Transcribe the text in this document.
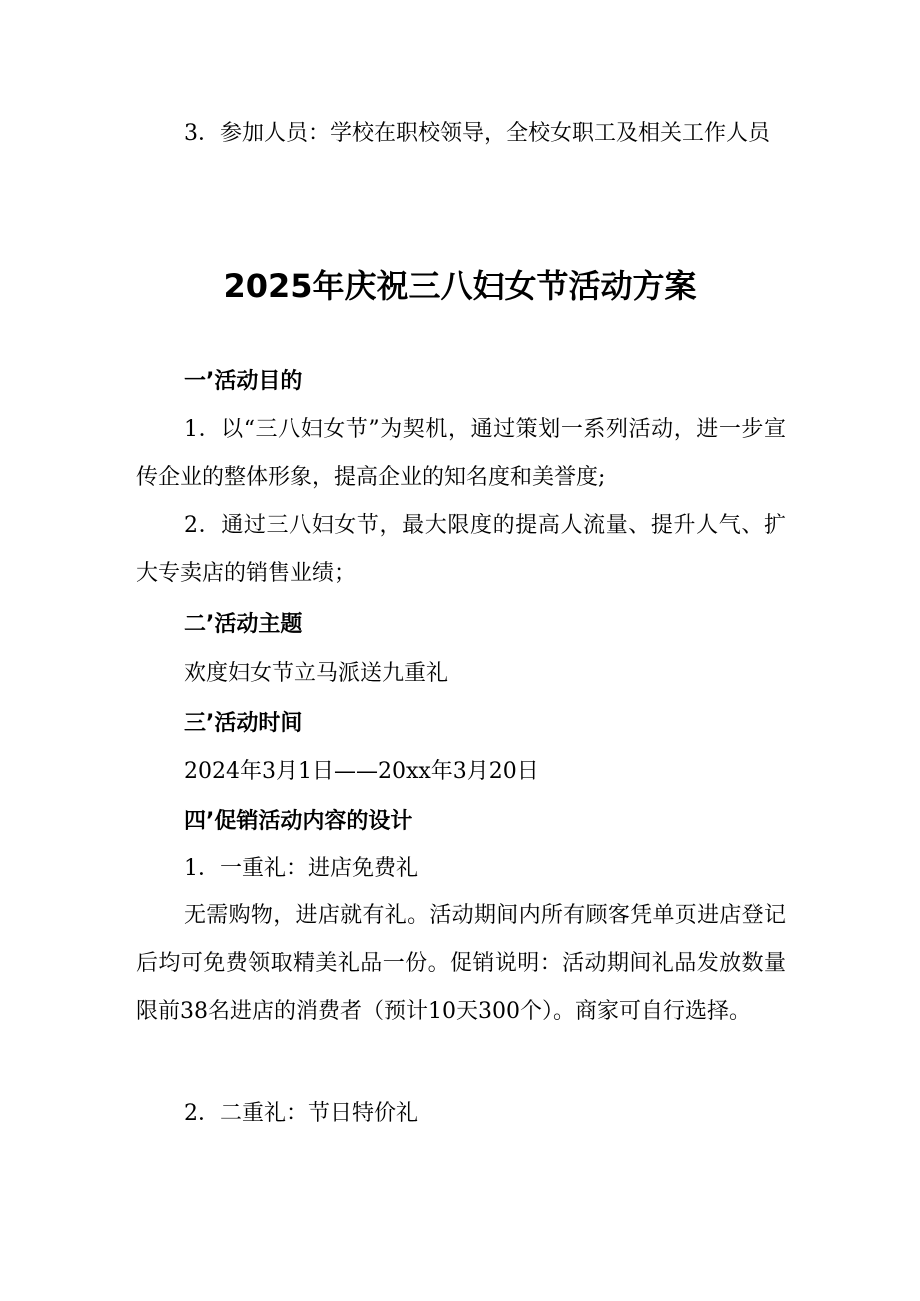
3．参加人员：学校在职校领导，全校女职工及相关工作人员

2025年庆祝三八妇女节活动方案
一’活动目的

1．以“三八妇女节”为契机，通过策划一系列活动，进一步宣传企业的整体形象，提高企业的知名度和美誉度;

2．通过三八妇女节，最大限度的提高人流量、提升人气、扩大专卖店的销售业绩；

二’活动主题

欢度妇女节立马派送九重礼

三’活动时间

2024年3月1日——20xx年3月20日

四’促销活动内容的设计

1．一重礼：进店免费礼

无需购物，进店就有礼。活动期间内所有顾客凭单页进店登记后均可免费领取精美礼品一份。促销说明：活动期间礼品发放数量限前38名进店的消费者（预计10天300个）。商家可自行选择。

2．二重礼：节日特价礼
